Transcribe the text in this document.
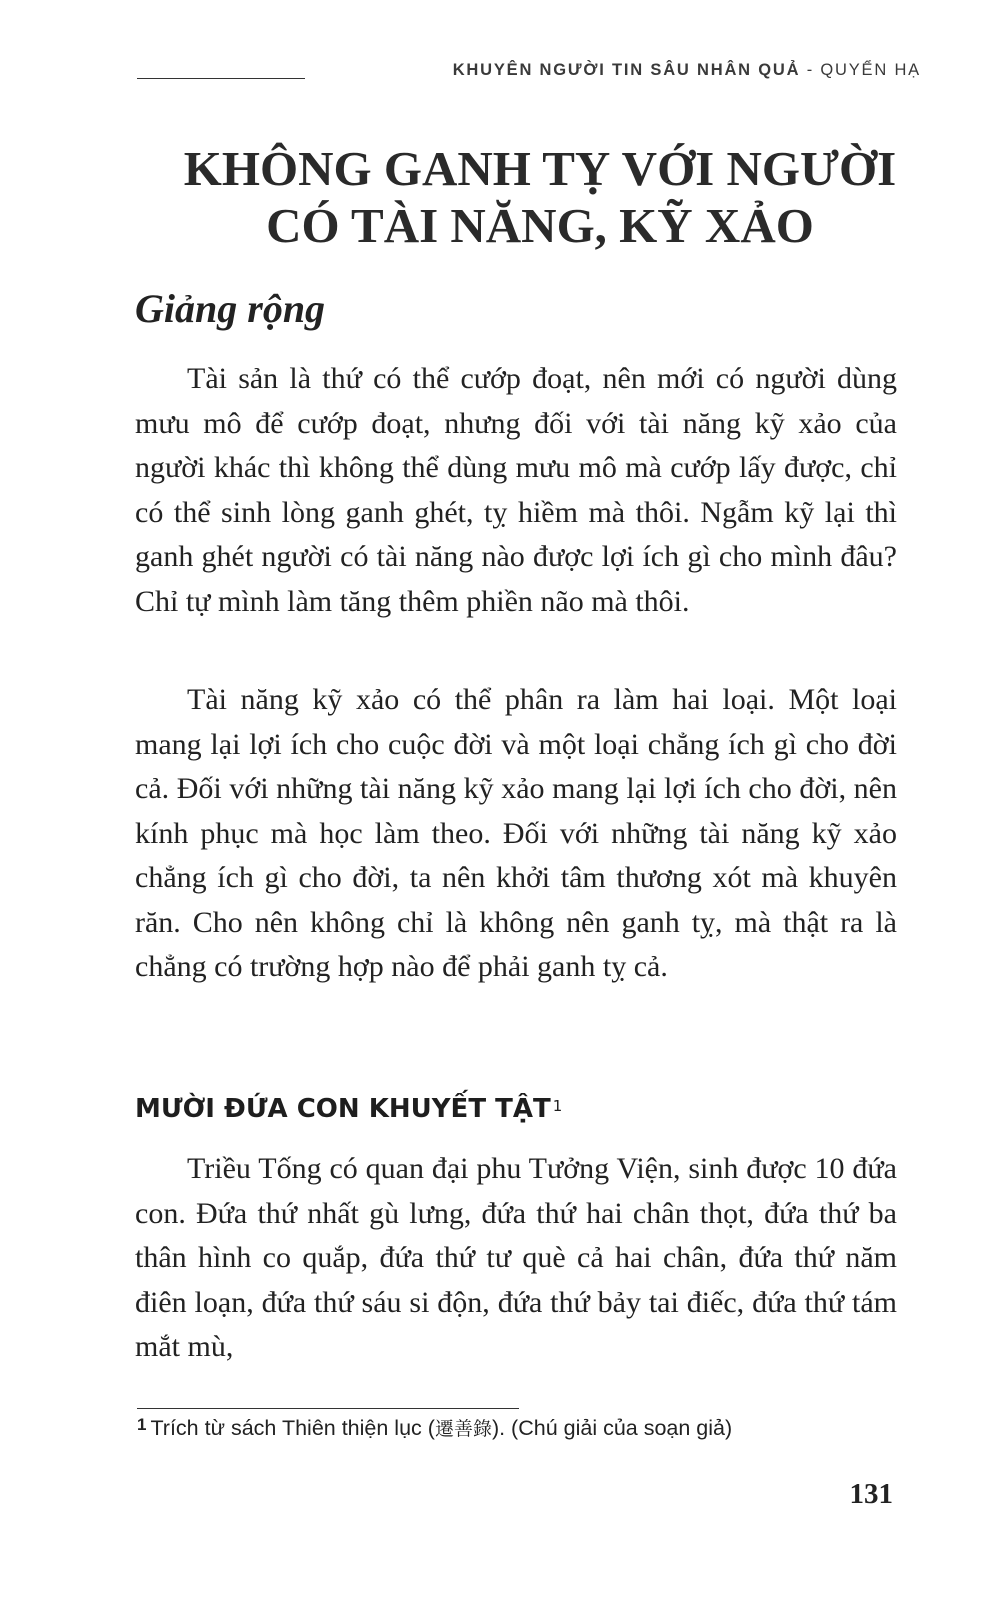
KHUYÊN NGƯỜI TIN SÂU NHÂN QUẢ - QUYỂN HẠ
KHÔNG GANH TỴ VỚI NGƯỜI
CÓ TÀI NĂNG, KỸ XẢO
Giảng rộng

Tài sản là thứ có thể cướp đoạt, nên mới có người dùng mưu mô để cướp đoạt, nhưng đối với tài năng kỹ xảo của người khác thì không thể dùng mưu mô mà cướp lấy được, chỉ có thể sinh lòng ganh ghét, tỵ hiềm mà thôi. Ngẫm kỹ lại thì ganh ghét người có tài năng nào được lợi ích gì cho mình đâu? Chỉ tự mình làm tăng thêm phiền não mà thôi.

Tài năng kỹ xảo có thể phân ra làm hai loại. Một loại mang lại lợi ích cho cuộc đời và một loại chẳng ích gì cho đời cả. Đối với những tài năng kỹ xảo mang lại lợi ích cho đời, nên kính phục mà học làm theo. Đối với những tài năng kỹ xảo chẳng ích gì cho đời, ta nên khởi tâm thương xót mà khuyên răn. Cho nên không chỉ là không nên ganh tỵ, mà thật ra là chẳng có trường hợp nào để phải ganh tỵ cả.

MƯỜI ĐỨA CON KHUYẾT TẬT $^1$

Triều Tống có quan đại phu Tưởng Viện, sinh được 10 đứa con. Đứa thứ nhất gù lưng, đứa thứ hai chân thọt, đứa thứ ba thân hình co quắp, đứa thứ tư què cả hai chân, đứa thứ năm điên loạn, đứa thứ sáu si độn, đứa thứ bảy tai điếc, đứa thứ tám mắt mù,

$^1$ Trích từ sách Thiên thiện lục (遷善錄). (Chú giải của soạn giả)
131
